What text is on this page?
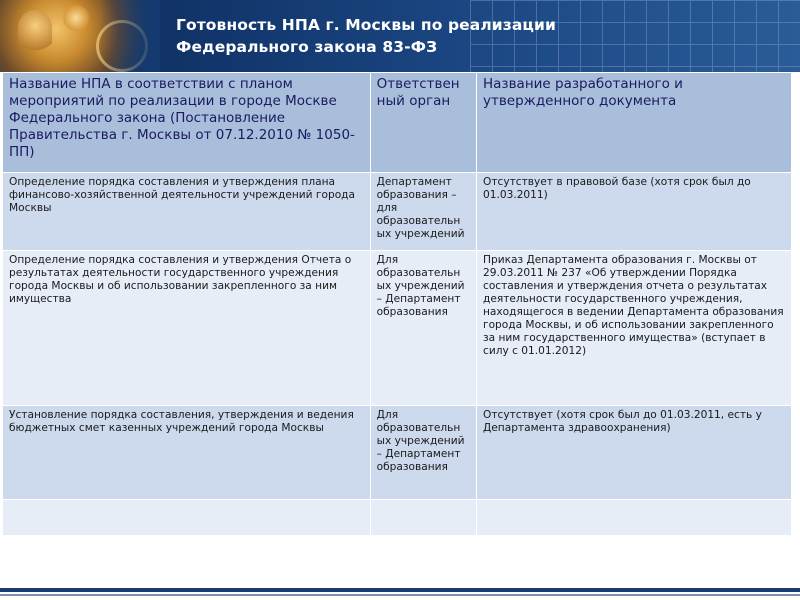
Готовность НПА г. Москвы по реализации
Федерального закона 83-ФЗ
Название НПА в соответствии с планом мероприятий по реализации в городе Москве Федерального закона (Постановление Правительства г. Москвы от 07.12.2010 № 1050-ПП)	Ответствен ный орган	Название разработанного и утвержденного документа
Определение порядка составления и утверждения плана финансово-хозяйственной деятельности учреждений города Москвы	Департамент образования – для образовательн ых учреждений	Отсутствует в правовой базе (хотя срок был до 01.03.2011)
Определение порядка составления и утверждения Отчета о результатах деятельности государственного учреждения города Москвы и об использовании закрепленного за ним имущества	Для образовательн ых учреждений – Департамент образования	Приказ Департамента образования г. Москвы от 29.03.2011 № 237 «Об утверждении Порядка составления и утверждения отчета о результатах деятельности государственного учреждения, находящегося в ведении Департамента образования города Москвы, и об использовании закрепленного за ним государственного имущества» (вступает в силу с 01.01.2012)
Установление порядка составления, утверждения и ведения бюджетных смет казенных учреждений города Москвы	Для образовательн ых учреждений – Департамент образования	Отсутствует (хотя срок был до 01.03.2011, есть у Департамента здравоохранения)
